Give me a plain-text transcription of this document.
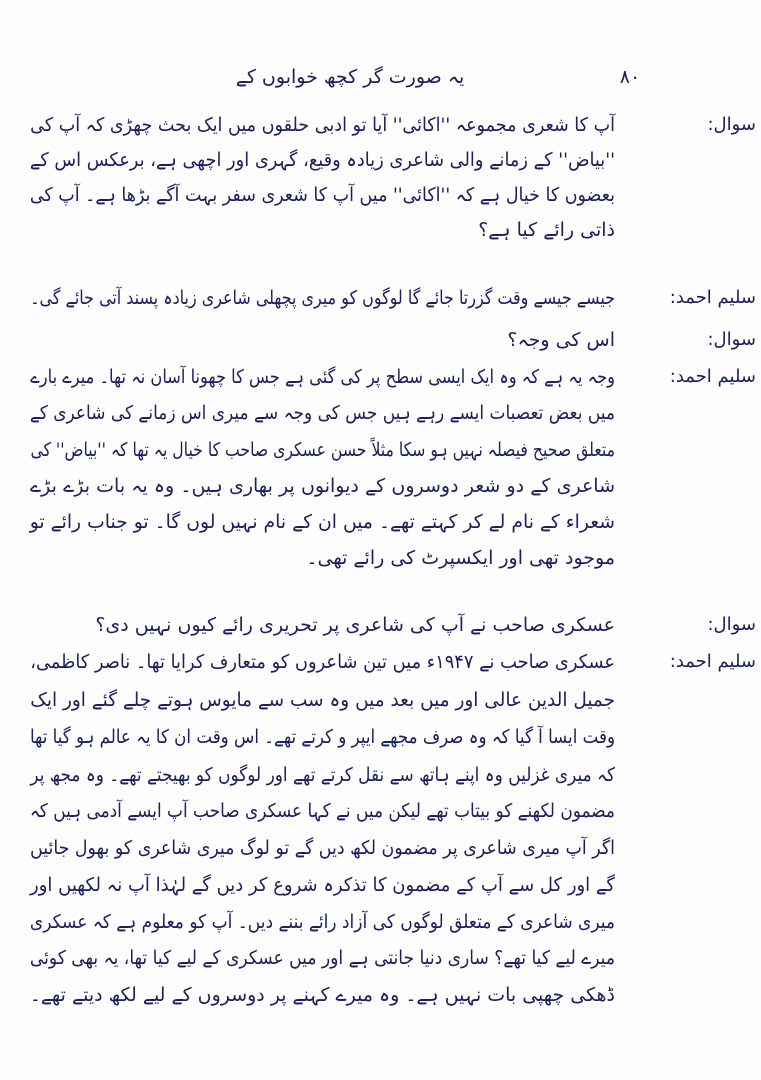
یہ صورت گر کچھ خوابوں کے	۸۰
سوال:
آپ کا شعری مجموعہ ''اکائی'' آیا تو ادبی حلقوں میں ایک بحث چھڑی کہ آپ کی
''بیاض'' کے زمانے والی شاعری زیادہ وقیع، گہری اور اچھی ہے، برعکس اس کے
بعضوں کا خیال ہے کہ ''اکائی'' میں آپ کا شعری سفر بہت آگے بڑھا ہے۔ آپ کی
ذاتی رائے کیا ہے؟
سلیم احمد:
جیسے جیسے وقت گزرتا جائے گا لوگوں کو میری پچھلی شاعری زیادہ پسند آتی جائے گی۔
سوال:
اس کی وجہ؟
سلیم احمد:
وجہ یہ ہے کہ وہ ایک ایسی سطح پر کی گئی ہے جس کا چھونا آسان نہ تھا۔ میرے بارے
میں بعض تعصبات ایسے رہے ہیں جس کی وجہ سے میری اس زمانے کی شاعری کے
متعلق صحیح فیصلہ نہیں ہو سکا مثلاً حسن عسکری صاحب کا خیال یہ تھا کہ ''بیاض'' کی
شاعری کے دو شعر دوسروں کے دیوانوں پر بھاری ہیں۔ وہ یہ بات بڑے بڑے
شعراء کے نام لے کر کہتے تھے۔ میں ان کے نام نہیں لوں گا۔ تو جناب رائے تو
موجود تھی اور ایکسپرٹ کی رائے تھی۔
سوال:
عسکری صاحب نے آپ کی شاعری پر تحریری رائے کیوں نہیں دی؟
سلیم احمد:
عسکری صاحب نے ۱۹۴۷ء میں تین شاعروں کو متعارف کرایا تھا۔ ناصر کاظمی،
جمیل الدین عالی اور میں بعد میں وہ سب سے مایوس ہوتے چلے گئے اور ایک
وقت ایسا آ گیا کہ وہ صرف مجھے ایپر و کرتے تھے۔ اس وقت ان کا یہ عالم ہو گیا تھا
کہ میری غزلیں وہ اپنے ہاتھ سے نقل کرتے تھے اور لوگوں کو بھیجتے تھے۔ وہ مجھ پر
مضمون لکھنے کو بیتاب تھے لیکن میں نے کہا عسکری صاحب آپ ایسے آدمی ہیں کہ
اگر آپ میری شاعری پر مضمون لکھ دیں گے تو لوگ میری شاعری کو بھول جائیں
گے اور کل سے آپ کے مضمون کا تذکرہ شروع کر دیں گے لہٰذا آپ نہ لکھیں اور
میری شاعری کے متعلق لوگوں کی آزاد رائے بننے دیں۔ آپ کو معلوم ہے کہ عسکری
میرے لیے کیا تھے؟ ساری دنیا جانتی ہے اور میں عسکری کے لیے کیا تھا، یہ بھی کوئی
ڈھکی چھپی بات نہیں ہے۔ وہ میرے کہنے پر دوسروں کے لیے لکھ دیتے تھے۔
